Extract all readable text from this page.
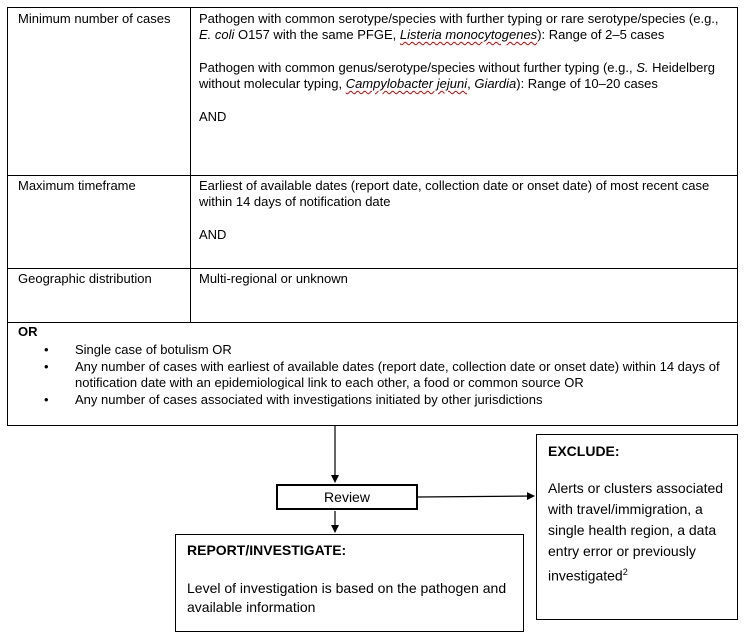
Minimum number of cases	Pathogen with common serotype/species with further typing or rare serotype/species (e.g., E. coli O157 with the same PFGE, Listeria monocytogenes): Range of 2–5 cases

Pathogen with common genus/serotype/species without further typing (e.g., S. Heidelberg without molecular typing, Campylobacter jejuni, Giardia): Range of 10–20 cases

AND

Maximum timeframe	Earliest of available dates (report date, collection date or onset date) of most recent case within 14 days of notification date

AND

Geographic distribution	Multi-regional or unknown

OR
• Single case of botulism OR
• Any number of cases with earliest of available dates (report date, collection date or onset date) within 14 days of notification date with an epidemiological link to each other, a food or common source OR
• Any number of cases associated with investigations initiated by other jurisdictions
Review
REPORT/INVESTIGATE:
Level of investigation is based on the pathogen and available information
EXCLUDE:
Alerts or clusters associated with travel/immigration, a single health region, a data entry error or previously investigated$^2$
